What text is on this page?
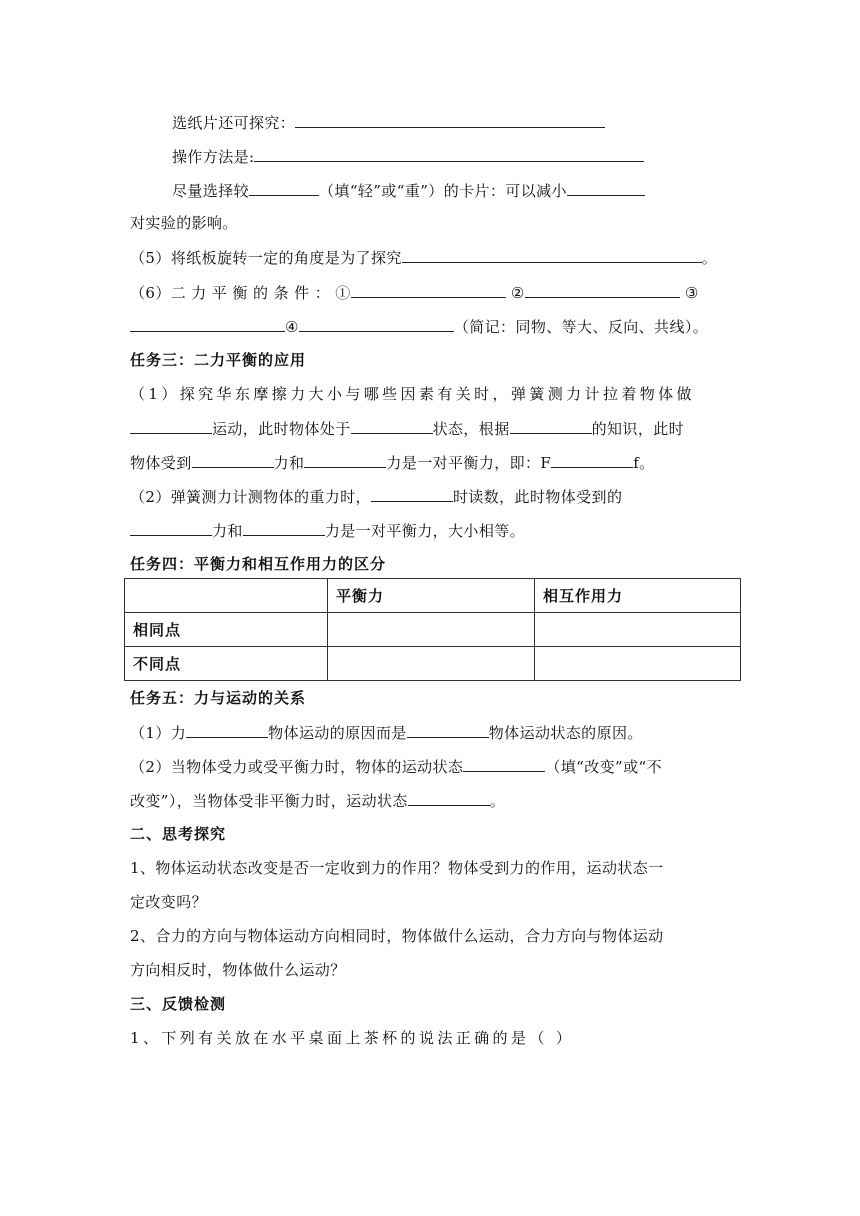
选纸片还可探究：
操作方法是:
尽量选择较	（填“轻”或“重”）的卡片：可以减小
对实验的影响。
（5）将纸板旋转一定的角度是为了探究	。
（6）二 力 平 衡 的 条 件 ： ①	②	③
④	（简记：同物、等大、反向、共线）。
任务三：二力平衡的应用
（1）探究华东摩擦力大小与哪些因素有关时，弹簧测力计拉着物体做
运动，此时物体处于	状态，根据	的知识，此时
物体受到	力和	力是一对平衡力，即：F	f。
（2）弹簧测力计测物体的重力时，	时读数，此时物体受到的
力和	力是一对平衡力，大小相等。
任务四：平衡力和相互作用力的区分
	平衡力	相互作用力
相同点		
不同点		
任务五：力与运动的关系
（1）力	物体运动的原因而是	物体运动状态的原因。
（2）当物体受力或受平衡力时，物体的运动状态	（填“改变”或“不
改变”），当物体受非平衡力时，运动状态	。
二、思考探究
1、物体运动状态改变是否一定收到力的作用？物体受到力的作用，运动状态一
定改变吗？
2、合力的方向与物体运动方向相同时，物体做什么运动，合力方向与物体运动
方向相反时，物体做什么运动？
三、反馈检测
1、下列有关放在水平桌面上茶杯的说法正确的是（ ）
